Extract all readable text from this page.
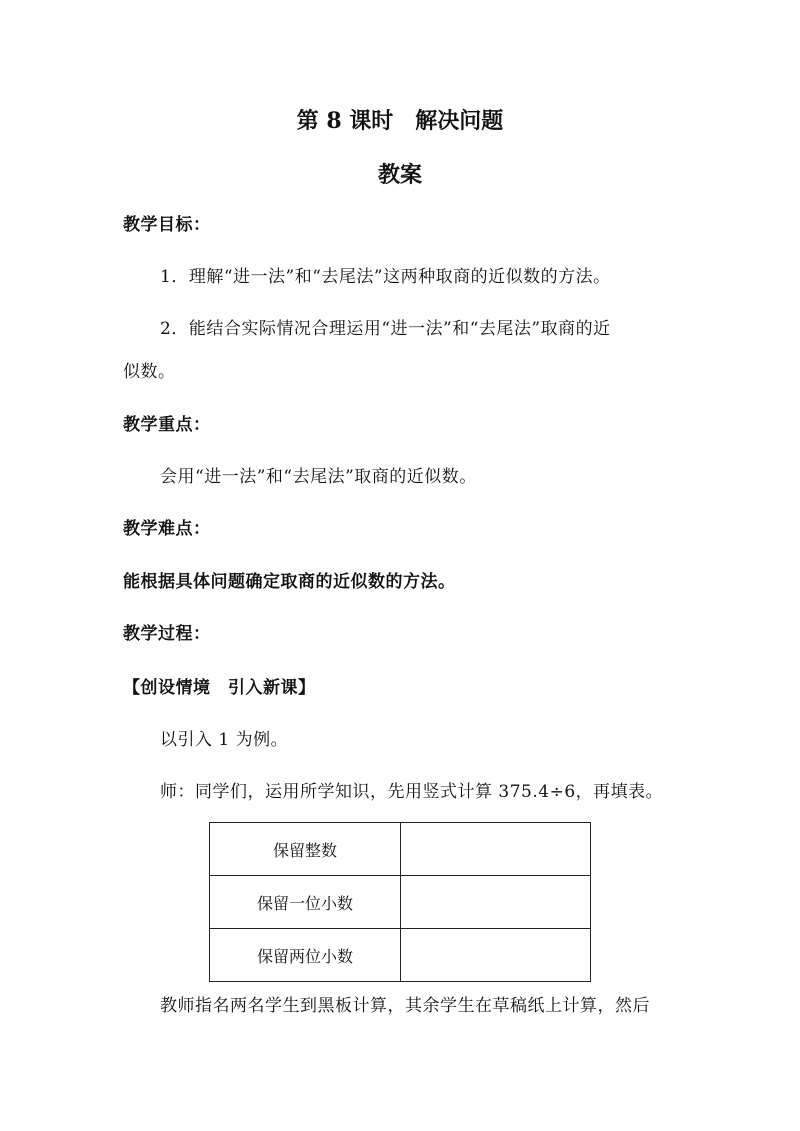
第 8 课时　解决问题
教案
教学目标：
1．理解“进一法”和“去尾法”这两种取商的近似数的方法。
2．能结合实际情况合理运用“进一法”和“去尾法”取商的近
似数。
教学重点：
会用“进一法”和“去尾法”取商的近似数。
教学难点：
能根据具体问题确定取商的近似数的方法。
教学过程：
【创设情境　引入新课】
以引入 1 为例。
师：同学们，运用所学知识，先用竖式计算 375.4÷6，再填表。
保留整数	
保留一位小数	
保留两位小数	
教师指名两名学生到黑板计算，其余学生在草稿纸上计算，然后
